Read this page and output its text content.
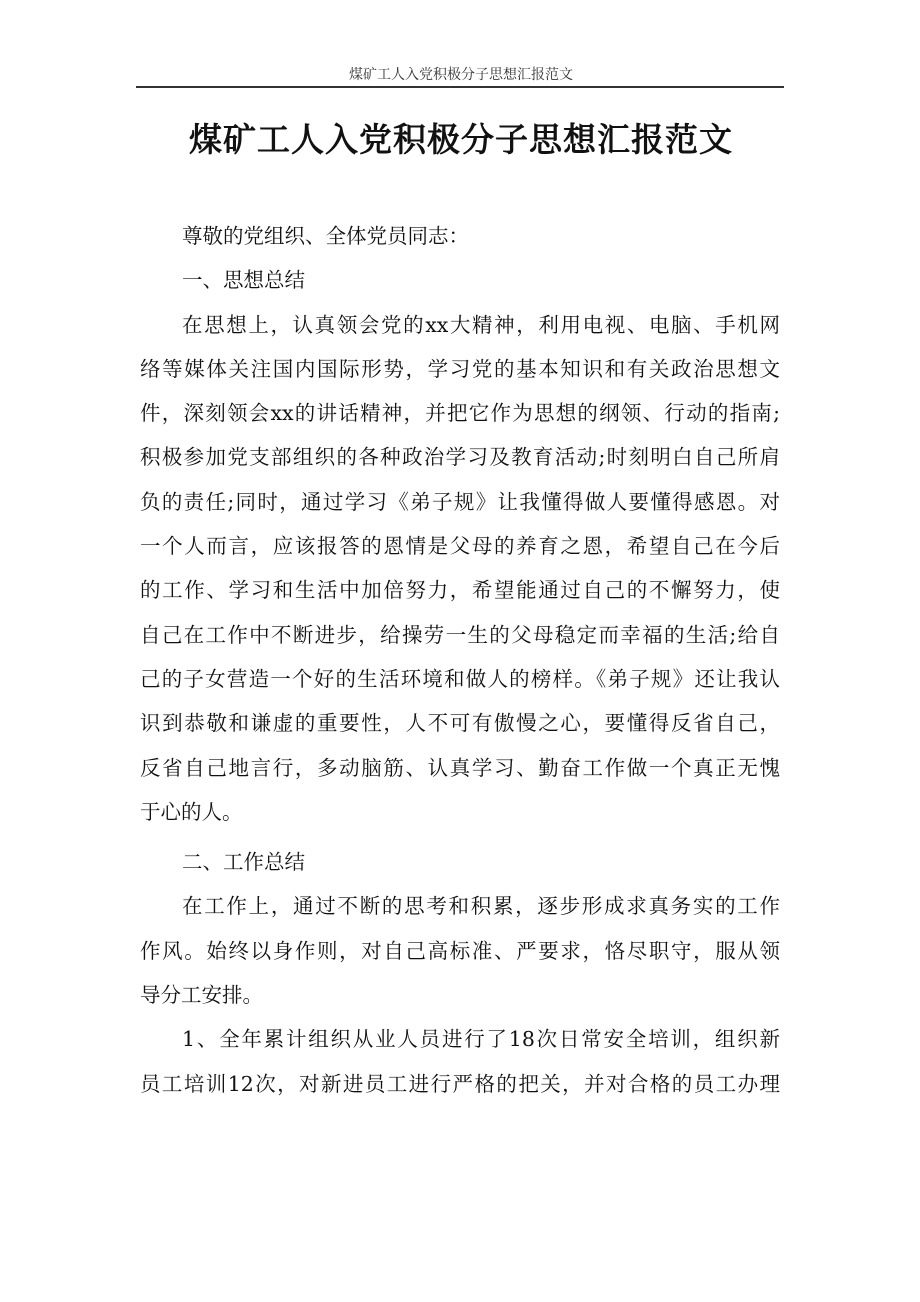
煤矿工人入党积极分子思想汇报范文
煤矿工人入党积极分子思想汇报范文
尊敬的党组织、全体党员同志：
一、思想总结
在思想上，认真领会党的xx大精神，利用电视、电脑、手机网
络等媒体关注国内国际形势，学习党的基本知识和有关政治思想文
件，深刻领会xx的讲话精神，并把它作为思想的纲领、行动的指南;
积极参加党支部组织的各种政治学习及教育活动;时刻明白自己所肩
负的责任;同时，通过学习《弟子规》让我懂得做人要懂得感恩。对
一个人而言，应该报答的恩情是父母的养育之恩，希望自己在今后
的工作、学习和生活中加倍努力，希望能通过自己的不懈努力，使
自己在工作中不断进步，给操劳一生的父母稳定而幸福的生活;给自
己的子女营造一个好的生活环境和做人的榜样。《弟子规》还让我认
识到恭敬和谦虚的重要性，人不可有傲慢之心，要懂得反省自己，
反省自己地言行，多动脑筋、认真学习、勤奋工作做一个真正无愧
于心的人。
二、工作总结
在工作上，通过不断的思考和积累，逐步形成求真务实的工作
作风。始终以身作则，对自己高标准、严要求，恪尽职守，服从领
导分工安排。
1、全年累计组织从业人员进行了18次日常安全培训，组织新
员工培训12次，对新进员工进行严格的把关，并对合格的员工办理
